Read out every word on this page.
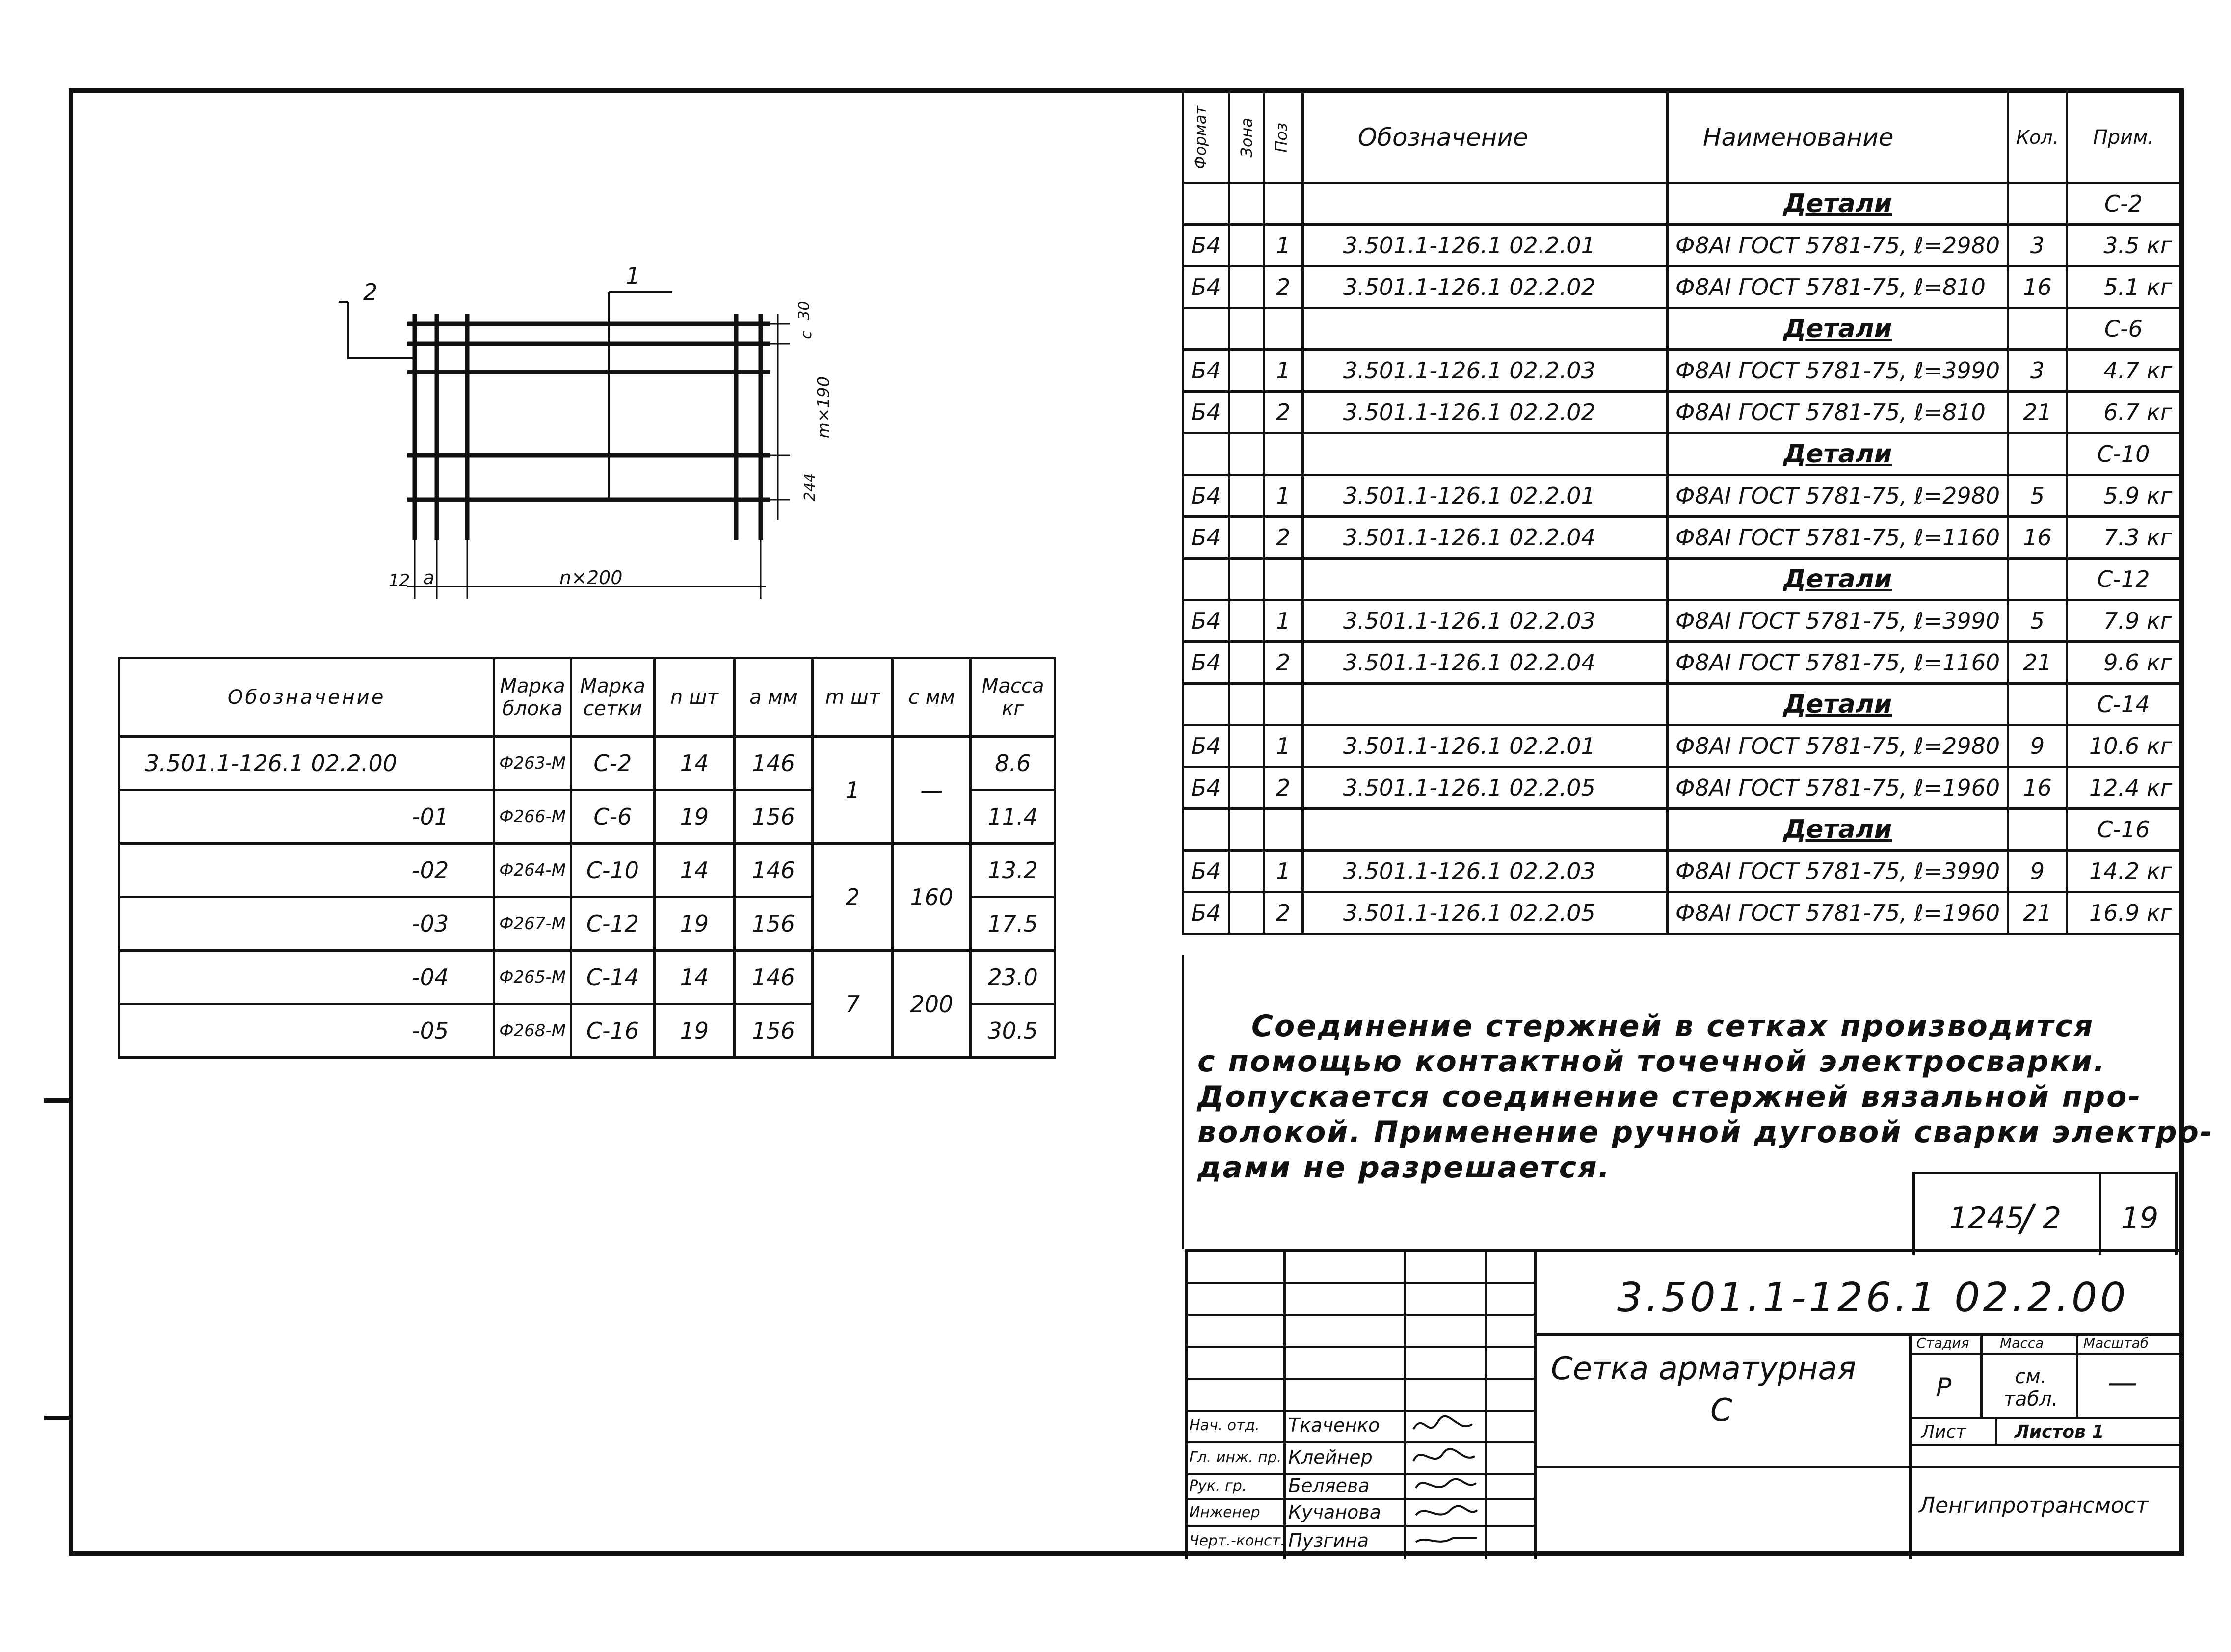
2
1
30
c
m×190
244
12 a	n×200
Формат	Зона	Поз	Обозначение	Наименование	Кол.	Прим.
				Детали		С-2
Б4		1	3.501.1-126.1 02.2.01	Ф8АI ГОСТ 5781-75, ℓ=2980	3	3.5 кг
Б4		2	3.501.1-126.1 02.2.02	Ф8АI ГОСТ 5781-75, ℓ=810	16	5.1 кг
				Детали		С-6
Б4		1	3.501.1-126.1 02.2.03	Ф8АI ГОСТ 5781-75, ℓ=3990	3	4.7 кг
Б4		2	3.501.1-126.1 02.2.02	Ф8АI ГОСТ 5781-75, ℓ=810	21	6.7 кг
				Детали		С-10
Б4		1	3.501.1-126.1 02.2.01	Ф8АI ГОСТ 5781-75, ℓ=2980	5	5.9 кг
Б4		2	3.501.1-126.1 02.2.04	Ф8АI ГОСТ 5781-75, ℓ=1160	16	7.3 кг
				Детали		С-12
Б4		1	3.501.1-126.1 02.2.03	Ф8АI ГОСТ 5781-75, ℓ=3990	5	7.9 кг
Б4		2	3.501.1-126.1 02.2.04	Ф8АI ГОСТ 5781-75, ℓ=1160	21	9.6 кг
				Детали		С-14
Б4		1	3.501.1-126.1 02.2.01	Ф8АI ГОСТ 5781-75, ℓ=2980	9	10.6 кг
Б4		2	3.501.1-126.1 02.2.05	Ф8АI ГОСТ 5781-75, ℓ=1960	16	12.4 кг
				Детали		С-16
Б4		1	3.501.1-126.1 02.2.03	Ф8АI ГОСТ 5781-75, ℓ=3990	9	14.2 кг
Б4		2	3.501.1-126.1 02.2.05	Ф8АI ГОСТ 5781-75, ℓ=1960	21	16.9 кг
Обозначение	Марка блока	Марка сетки	n шт	a мм	m шт	c мм	Масса кг
3.501.1-126.1 02.2.00	Ф263-М	С-2	14	146	1	—	8.6
-01	Ф266-М	С-6	19	156			11.4
-02	Ф264-М	С-10	14	146	2	160	13.2
-03	Ф267-М	С-12	19	156			17.5
-04	Ф265-М	С-14	14	146	7	200	23.0
-05	Ф268-М	С-16	19	156			30.5	Соединение стержней в сетках производится
с помощью контактной точечной электросварки.
Допускается соединение стержней вязальной про-
волокой. Применение ручной дуговой сварки электро-
дами не разрешается.
1245
/ 2 19
Нач. отд. Ткаченко
Гл. инж. пр. Клейнер
Рук. гр. Беляева
Инженер Кучанова
Черт.-конст. Пузгина
3.501.1-126.1 02.2.00
Сетка арматурная
С
Стадия Масса	Масштаб
Р	см. табл.	—
Лист	Листов 1
Ленгипротрансмост
